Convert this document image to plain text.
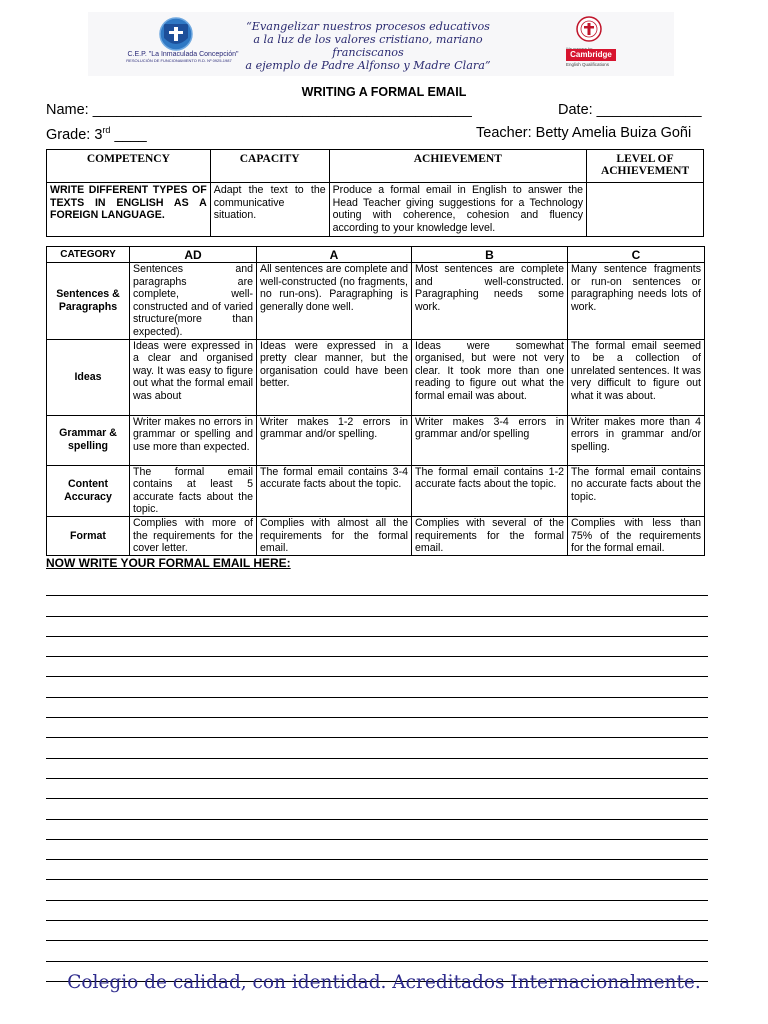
C.E.P. "La Inmaculada Concepción"
RESOLUCIÓN DE FUNCIONAMIENTO R.D. Nº 0925-1987
“Evangelizar nuestros procesos educativos
a la luz de los valores cristiano, mariano franciscanos
a ejemplo de Padre Alfonso y Madre Clara”
Cambridge
English Qualifications
WRITING A FORMAL EMAIL
Name: _______________________________________________	Date: _____________
Grade: 3rd ____	Teacher: Betty Amelia Buiza Goñi
COMPETENCY	CAPACITY	ACHIEVEMENT	LEVEL OF ACHIEVEMENT
WRITE DIFFERENT TYPES OF TEXTS IN ENGLISH AS A FOREIGN LANGUAGE.	Adapt the text to the communicative situation.	Produce a formal email in English to answer the Head Teacher giving suggestions for a Technology outing with coherence, cohesion and fluency according to your knowledge level.	
CATEGORY	AD	A	B	C
Sentences & Paragraphs	Sentences and paragraphs are complete, well-constructed and of varied structure(more than expected).	All sentences are complete and well-constructed (no fragments, no run-ons). Paragraphing is generally done well.	Most sentences are complete and well-constructed. Paragraphing needs some work.	Many sentence fragments or run-on sentences or paragraphing needs lots of work.
Ideas	Ideas were expressed in a clear and organised way. It was easy to figure out what the formal email was about	Ideas were expressed in a pretty clear manner, but the organisation could have been better.	Ideas were somewhat organised, but were not very clear. It took more than one reading to figure out what the formal email was about.	The formal email seemed to be a collection of unrelated sentences. It was very difficult to figure out what it was about.
Grammar & spelling	Writer makes no errors in grammar or spelling and use more than expected.	Writer makes 1-2 errors in grammar and/or spelling.	Writer makes 3-4 errors in grammar and/or spelling	Writer makes more than 4 errors in grammar and/or spelling.
Content Accuracy	The formal email contains at least 5 accurate facts about the topic.	The formal email contains 3-4 accurate facts about the topic.	The formal email contains 1-2 accurate facts about the topic.	The formal email contains no accurate facts about the topic.
Format	Complies with more of the requirements for the cover letter.	Complies with almost all the requirements for the formal email.	Complies with several of the requirements for the formal email.	Complies with less than 75% of the requirements for the formal email.
NOW WRITE YOUR FORMAL EMAIL HERE:
Colegio de calidad, con identidad. Acreditados Internacionalmente.
